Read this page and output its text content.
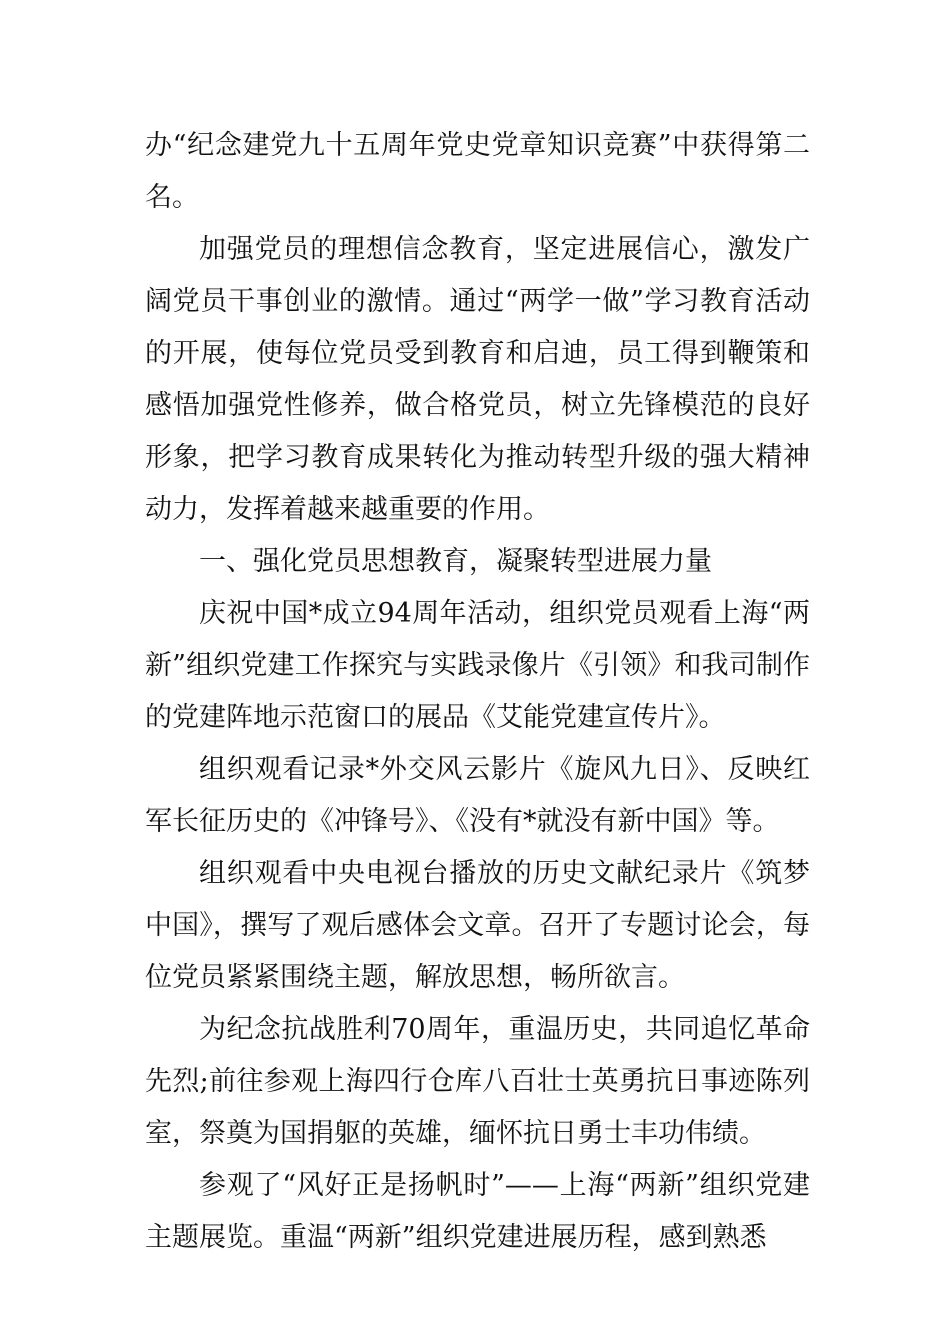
办“纪念建党九十五周年党史党章知识竞赛”中获得第二名。

加强党员的理想信念教育，坚定进展信心，激发广阔党员干事创业的激情。通过“两学一做”学习教育活动的开展，使每位党员受到教育和启迪，员工得到鞭策和感悟加强党性修养，做合格党员，树立先锋模范的良好形象，把学习教育成果转化为推动转型升级的强大精神动力，发挥着越来越重要的作用。

一、强化党员思想教育，凝聚转型进展力量

庆祝中国*成立94周年活动，组织党员观看上海“两新”组织党建工作探究与实践录像片《引领》和我司制作的党建阵地示范窗口的展品《艾能党建宣传片》。

组织观看记录*外交风云影片《旋风九日》、反映红军长征历史的《冲锋号》、《没有*就没有新中国》等。

组织观看中央电视台播放的历史文献纪录片《筑梦中国》，撰写了观后感体会文章。召开了专题讨论会，每位党员紧紧围绕主题，解放思想，畅所欲言。

为纪念抗战胜利70周年，重温历史，共同追忆革命先烈;前往参观上海四行仓库八百壮士英勇抗日事迹陈列室，祭奠为国捐躯的英雄，缅怀抗日勇士丰功伟绩。

参观了“风好正是扬帆时”——上海“两新”组织党建主题展览。重温“两新”组织党建进展历程，感到熟悉
